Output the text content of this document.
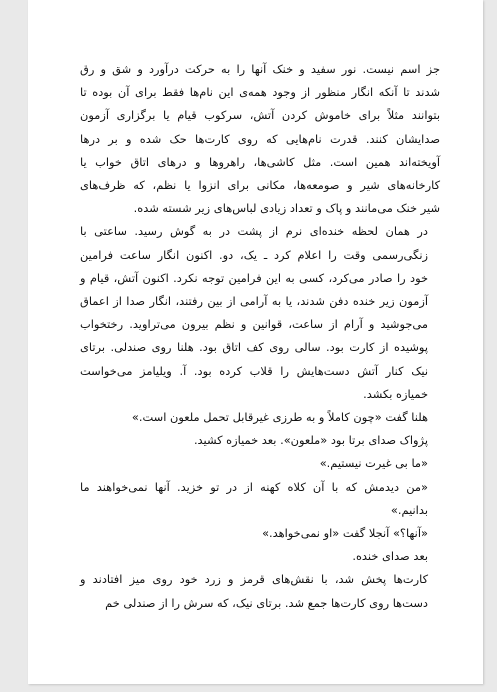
جز اسم نیست. نور سفید و خنک آنها را به حرکت درآورد و شق و رق
شدند تا آنکه انگار منظور از وجود همه‌ی این نام‌ها فقط برای آن بوده تا
بتوانند مثلاً برای خاموش کردن آتش، سرکوب قیام یا برگزاری آزمون
صدایشان کنند. قدرت نام‌هایی که روی کارت‌ها حک شده و بر درها
آویخته‌اند همین است. مثل کاشی‌ها، راهروها و درهای اتاق خواب یا
کارخانه‌های شیر و صومعه‌ها، مکانی برای انزوا یا نظم، که ظرف‌های
شیر خنک می‌مانند و پاک و تعداد زیادی لباس‌های زیر شسته شده.
در همان لحظه خنده‌ای نرم از پشت در به گوش رسید. ساعتی با
زنگی‌رسمی وقت را اعلام کرد ـ یک، دو. اکنون انگار ساعت فرامین
خود را صادر می‌کرد، کسی به این فرامین توجه نکرد. اکنون آتش، قیام و
آزمون زیر خنده دفن شدند، یا به آرامی از بین رفتند، انگار صدا از اعماق
می‌جوشید و آرام از ساعت، قوانین و نظم بیرون می‌تراوید. رختخواب
پوشیده از کارت بود. سالی روی کف اتاق بود. هلنا روی صندلی. برتای
نیک کنار آتش دست‌هایش را قلاب کرده بود. آ. ویلیامز می‌خواست
خمیازه بکشد.
هلنا گفت «چون کاملاً و به طرزی غیرقابل تحمل ملعون است.»
پژواک صدای برتا بود «ملعون». بعد خمیازه کشید.
«ما بی غیرت نیستیم.»
«من دیدمش که با آن کلاه کهنه از در تو خزید. آنها نمی‌خواهند ما
بدانیم.»
«آنها؟» آنجلا گفت «او نمی‌خواهد.»
بعد صدای خنده.
کارت‌ها پخش شد، با نقش‌های قرمز و زرد خود روی میز افتادند و
دست‌ها روی کارت‌ها جمع شد. برتای نیک، که سرش را از صندلی خم
